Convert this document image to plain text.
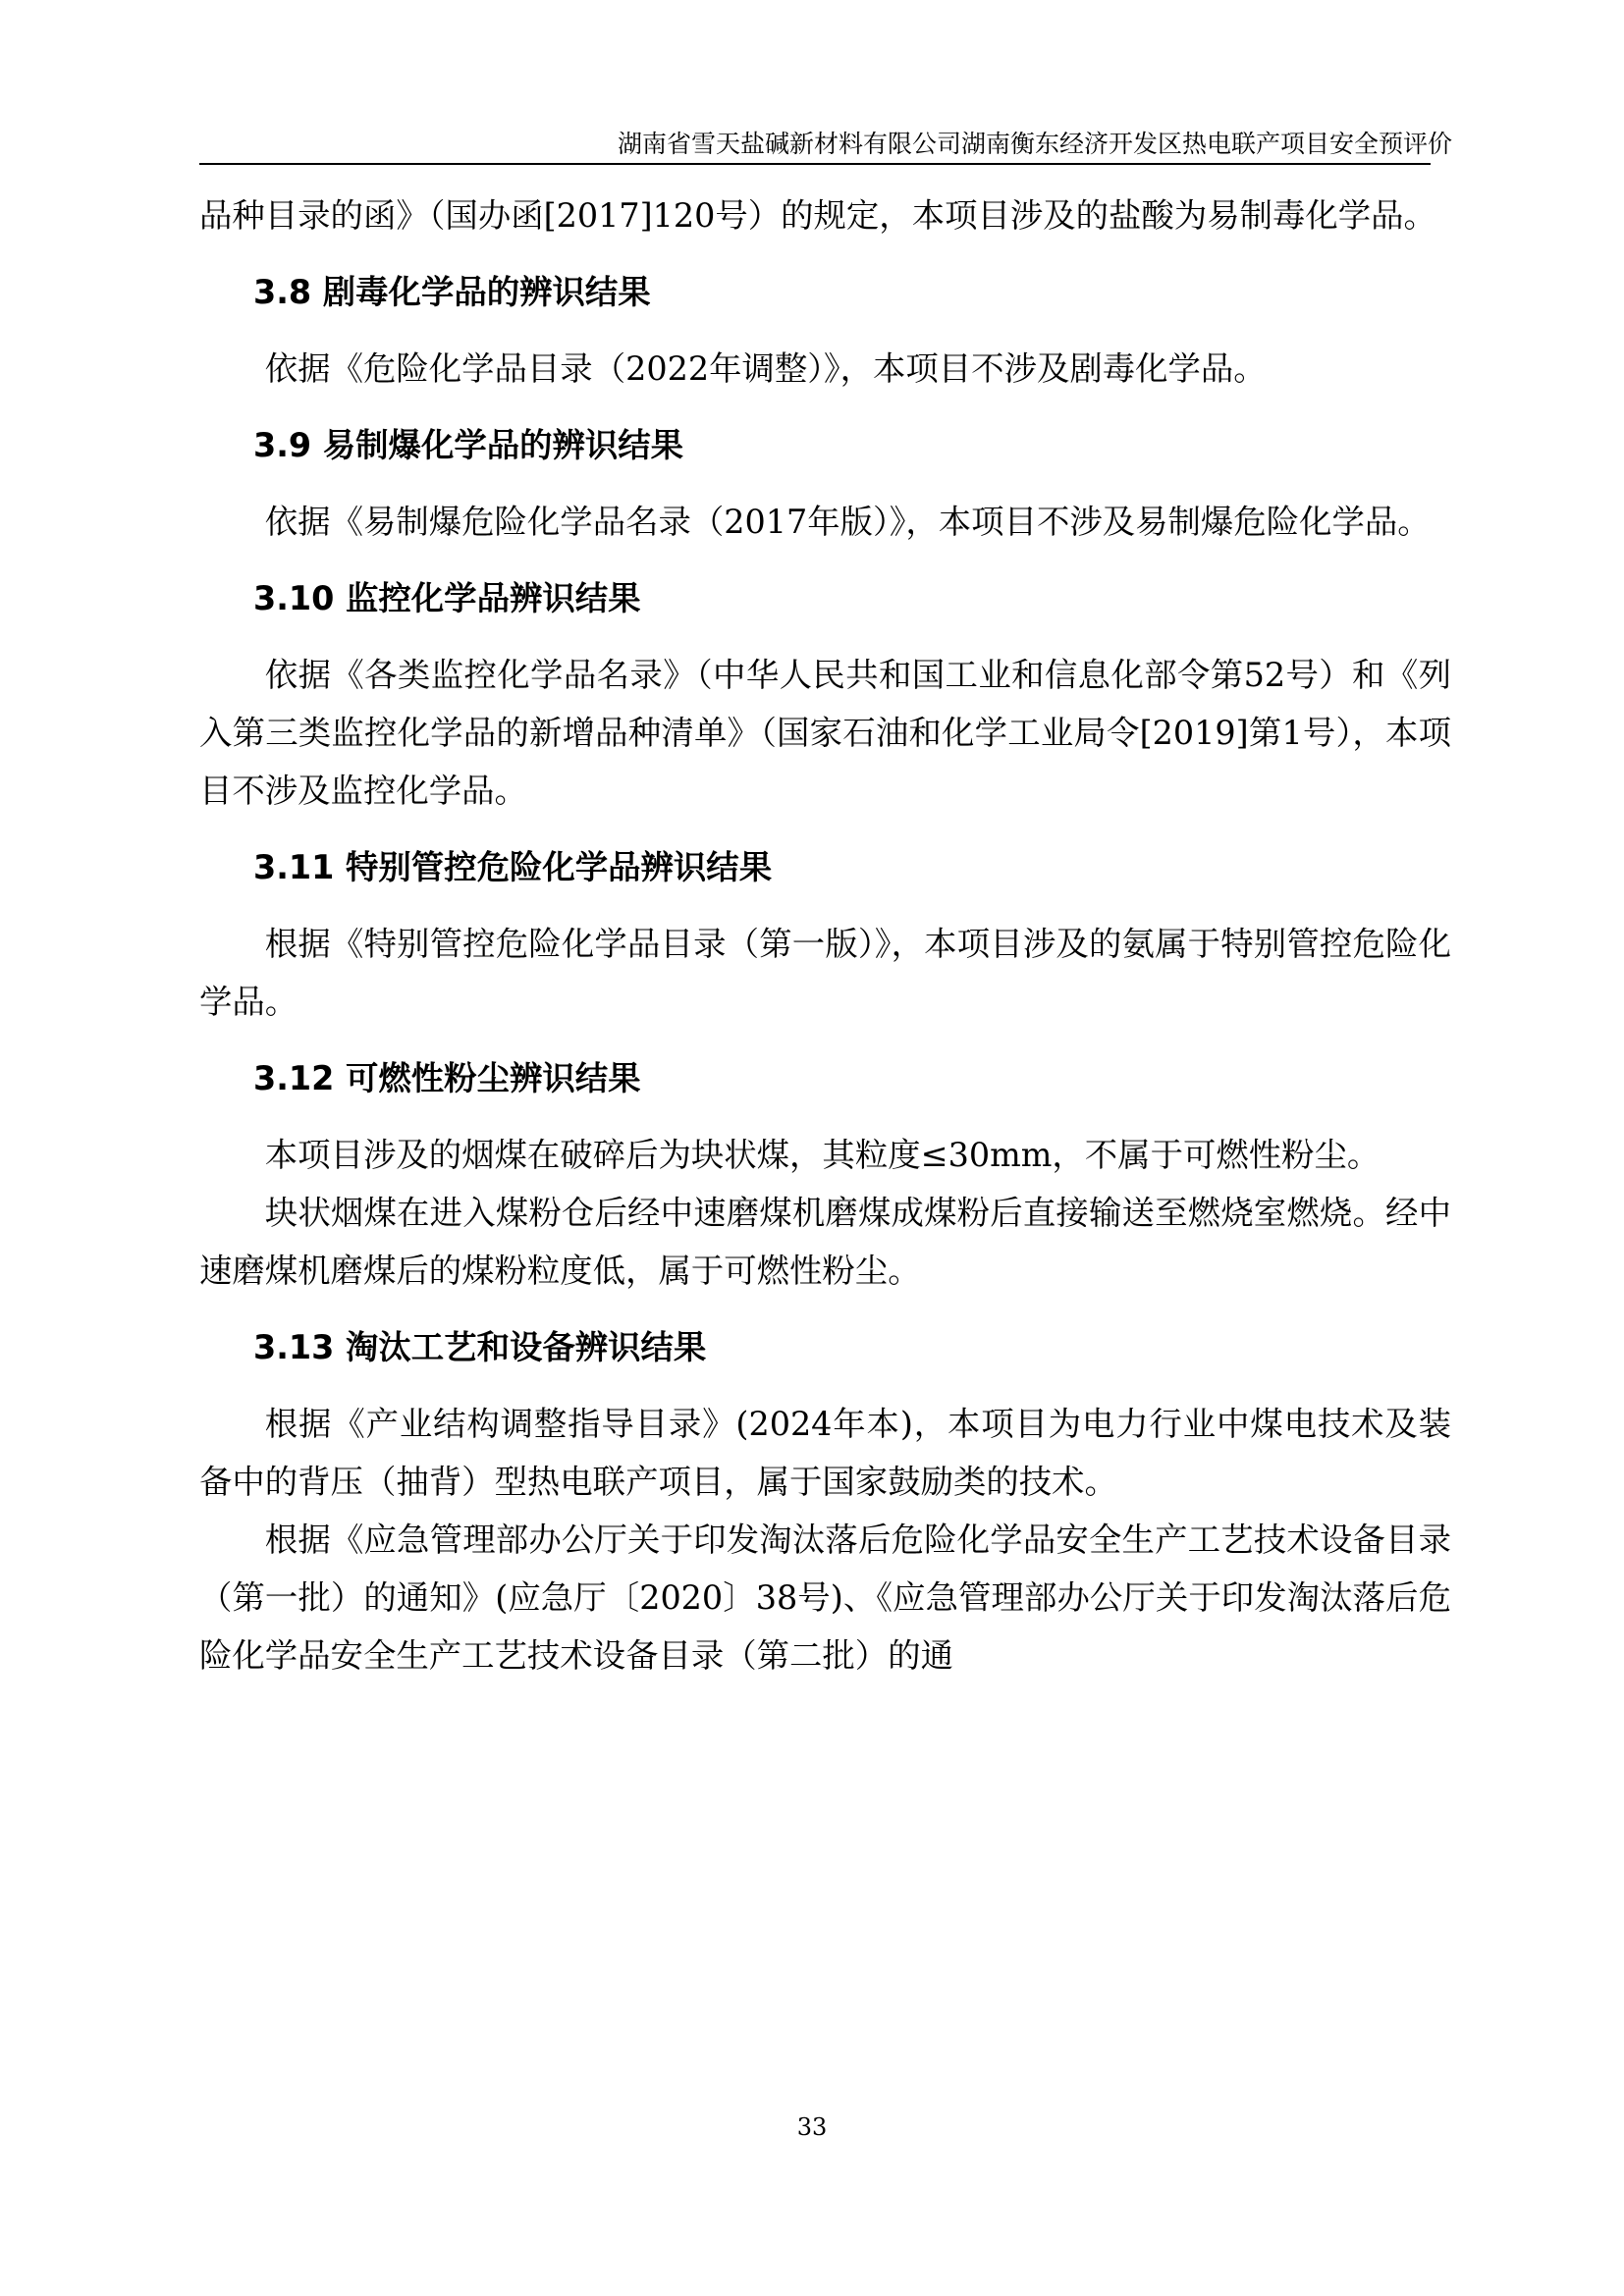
湖南省雪天盐碱新材料有限公司湖南衡东经济开发区热电联产项目安全预评价

品种目录的函》（国办函[2017]120号）的规定，本项目涉及的盐酸为易制毒化学品。

3.8 剧毒化学品的辨识结果

依据《危险化学品目录（2022年调整）》，本项目不涉及剧毒化学品。

3.9 易制爆化学品的辨识结果

依据《易制爆危险化学品名录（2017年版）》，本项目不涉及易制爆危险化学品。

3.10 监控化学品辨识结果

依据《各类监控化学品名录》（中华人民共和国工业和信息化部令第52号）和《列入第三类监控化学品的新增品种清单》（国家石油和化学工业局令[2019]第1号），本项目不涉及监控化学品。

3.11 特别管控危险化学品辨识结果

根据《特别管控危险化学品目录（第一版）》，本项目涉及的氨属于特别管控危险化学品。

3.12 可燃性粉尘辨识结果

本项目涉及的烟煤在破碎后为块状煤，其粒度≤30mm，不属于可燃性粉尘。

块状烟煤在进入煤粉仓后经中速磨煤机磨煤成煤粉后直接输送至燃烧室燃烧。经中速磨煤机磨煤后的煤粉粒度低，属于可燃性粉尘。

3.13 淘汰工艺和设备辨识结果

根据《产业结构调整指导目录》(2024年本)，本项目为电力行业中煤电技术及装备中的背压（抽背）型热电联产项目，属于国家鼓励类的技术。

根据《应急管理部办公厅关于印发淘汰落后危险化学品安全生产工艺技术设备目录（第一批）的通知》(应急厅〔2020〕38号)、《应急管理部办公厅关于印发淘汰落后危险化学品安全生产工艺技术设备目录（第二批）的通

33
